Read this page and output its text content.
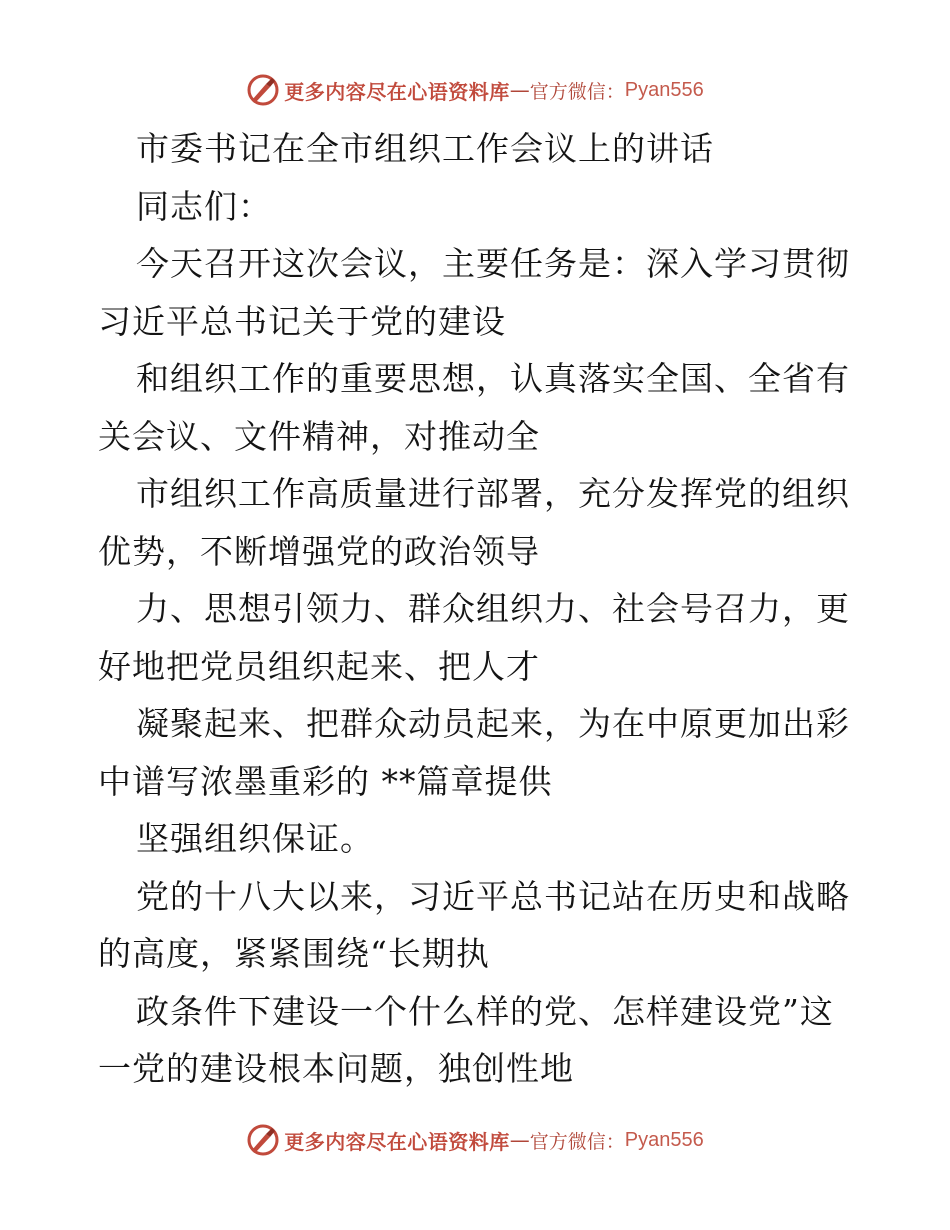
更多内容尽在心语资料库 — 官方微信： Pyan556
市委书记在全市组织工作会议上的讲话
同志们：
今天召开这次会议，主要任务是：深入学习贯彻
习近平总书记关于党的建设
和组织工作的重要思想，认真落实全国、全省有
关会议、文件精神，对推动全
市组织工作高质量进行部署，充分发挥党的组织
优势，不断增强党的政治领导
力、思想引领力、群众组织力、社会号召力，更
好地把党员组织起来、把人才
凝聚起来、把群众动员起来，为在中原更加出彩
中谱写浓墨重彩的 **篇章提供
坚强组织保证。
党的十八大以来，习近平总书记站在历史和战略
的高度，紧紧围绕“长期执
政条件下建设一个什么样的党、怎样建设党”这
一党的建设根本问题，独创性地
更多内容尽在心语资料库 — 官方微信： Pyan556
